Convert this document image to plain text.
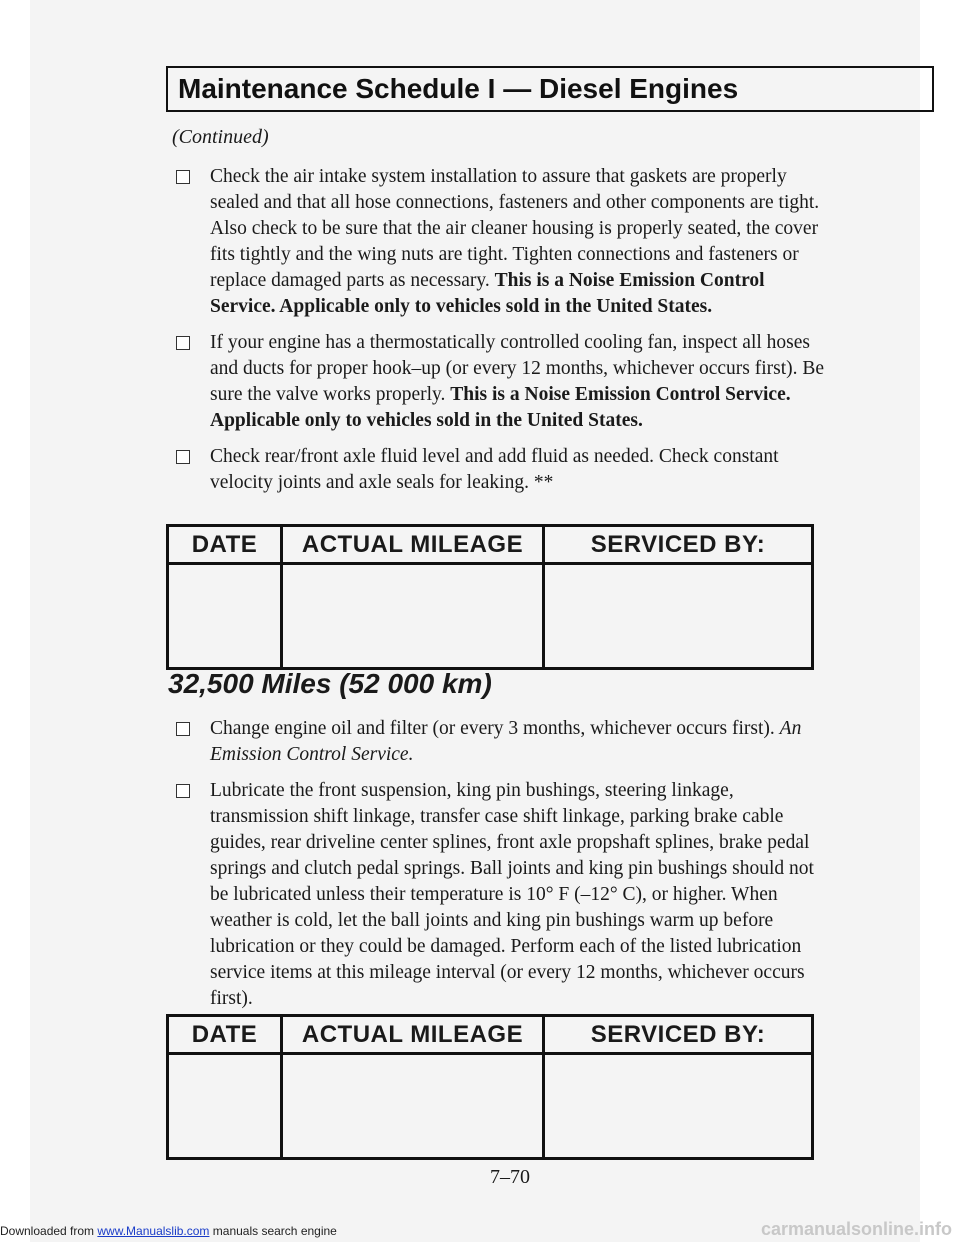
Maintenance Schedule I — Diesel Engines
(Continued)
Check the air intake system installation to assure that gaskets are properly sealed and that all hose connections, fasteners and other components are tight. Also check to be sure that the air cleaner housing is properly seated, the cover fits tightly and the wing nuts are tight. Tighten connections and fasteners or replace damaged parts as necessary. This is a Noise Emission Control Service. Applicable only to vehicles sold in the United States.
If your engine has a thermostatically controlled cooling fan, inspect all hoses and ducts for proper hook–up (or every 12 months, whichever occurs first). Be sure the valve works properly. This is a Noise Emission Control Service. Applicable only to vehicles sold in the United States.
Check rear/front axle fluid level and add fluid as needed. Check constant velocity joints and axle seals for leaking. **
DATE	ACTUAL MILEAGE	SERVICED BY:
32,500 Miles (52 000 km)
Change engine oil and filter (or every 3 months, whichever occurs first). An Emission Control Service.
Lubricate the front suspension, king pin bushings, steering linkage, transmission shift linkage, transfer case shift linkage, parking brake cable guides, rear driveline center splines, front axle propshaft splines, brake pedal springs and clutch pedal springs. Ball joints and king pin bushings should not be lubricated unless their temperature is 10° F (–12° C), or higher. When weather is cold, let the ball joints and king pin bushings warm up before lubrication or they could be damaged. Perform each of the listed lubrication service items at this mileage interval (or every 12 months, whichever occurs first).
DATE	ACTUAL MILEAGE	SERVICED BY:
7–70
Downloaded from www.Manualslib.com manuals search engine	carmanualsonline.info
